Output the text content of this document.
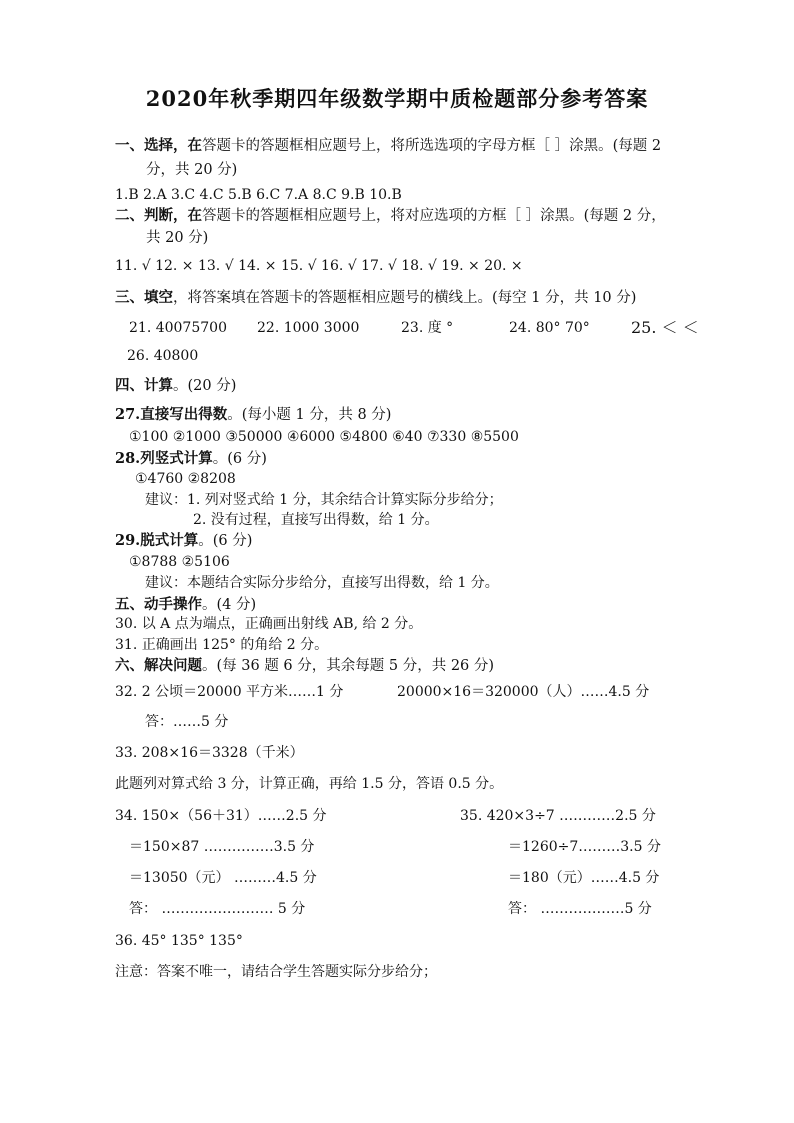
2020年秋季期四年级数学期中质检题部分参考答案
一、选择，在答题卡的答题框相应题号上，将所选选项的字母方框［ ］涂黑。(每题 2
分，共 20 分)
1.B 2.A 3.C 4.C 5.B 6.C 7.A 8.C 9.B 10.B
二、判断，在答题卡的答题框相应题号上，将对应选项的方框［ ］涂黑。(每题 2 分，
共 20 分)
11. √ 12. × 13. √ 14. × 15. √ 16. √ 17. √ 18. √ 19. × 20. ×
三、填空，将答案填在答题卡的答题框相应题号的横线上。(每空 1 分，共 10 分)
21. 40075700 22. 1000 3000	23. 度 °	24. 80° 70°	25. ＜ ＜
26. 40800
四、计算。(20 分)
27.直接写出得数。(每小题 1 分，共 8 分)
①100 ②1000 ③50000 ④6000 ⑤4800 ⑥40 ⑦330 ⑧5500
28.列竖式计算。(6 分)
①4760 ②8208
建议：1. 列对竖式给 1 分，其余结合计算实际分步给分；
2. 没有过程，直接写出得数，给 1 分。
29.脱式计算。(6 分)
①8788 ②5106
建议：本题结合实际分步给分，直接写出得数，给 1 分。
五、动手操作。(4 分)
30. 以 A 点为端点，正确画出射线 AB, 给 2 分。
31. 正确画出 125° 的角给 2 分。
六、解决问题。(每 36 题 6 分，其余每题 5 分，共 26 分)
32. 2 公顷＝20000 平方米……1 分	20000×16＝320000（人）……4.5 分
答：……5 分
33. 208×16＝3328（千米）
此题列对算式给 3 分，计算正确，再给 1.5 分，答语 0.5 分。
34. 150×（56＋31）……2.5 分
＝150×87 ……………3.5 分
＝13050（元） ………4.5 分
答： …………………… 5 分
35. 420×3÷7 …………2.5 分
＝1260÷7………3.5 分
＝180（元）……4.5 分
答： ………………5 分
36. 45° 135° 135°
注意：答案不唯一，请结合学生答题实际分步给分；
